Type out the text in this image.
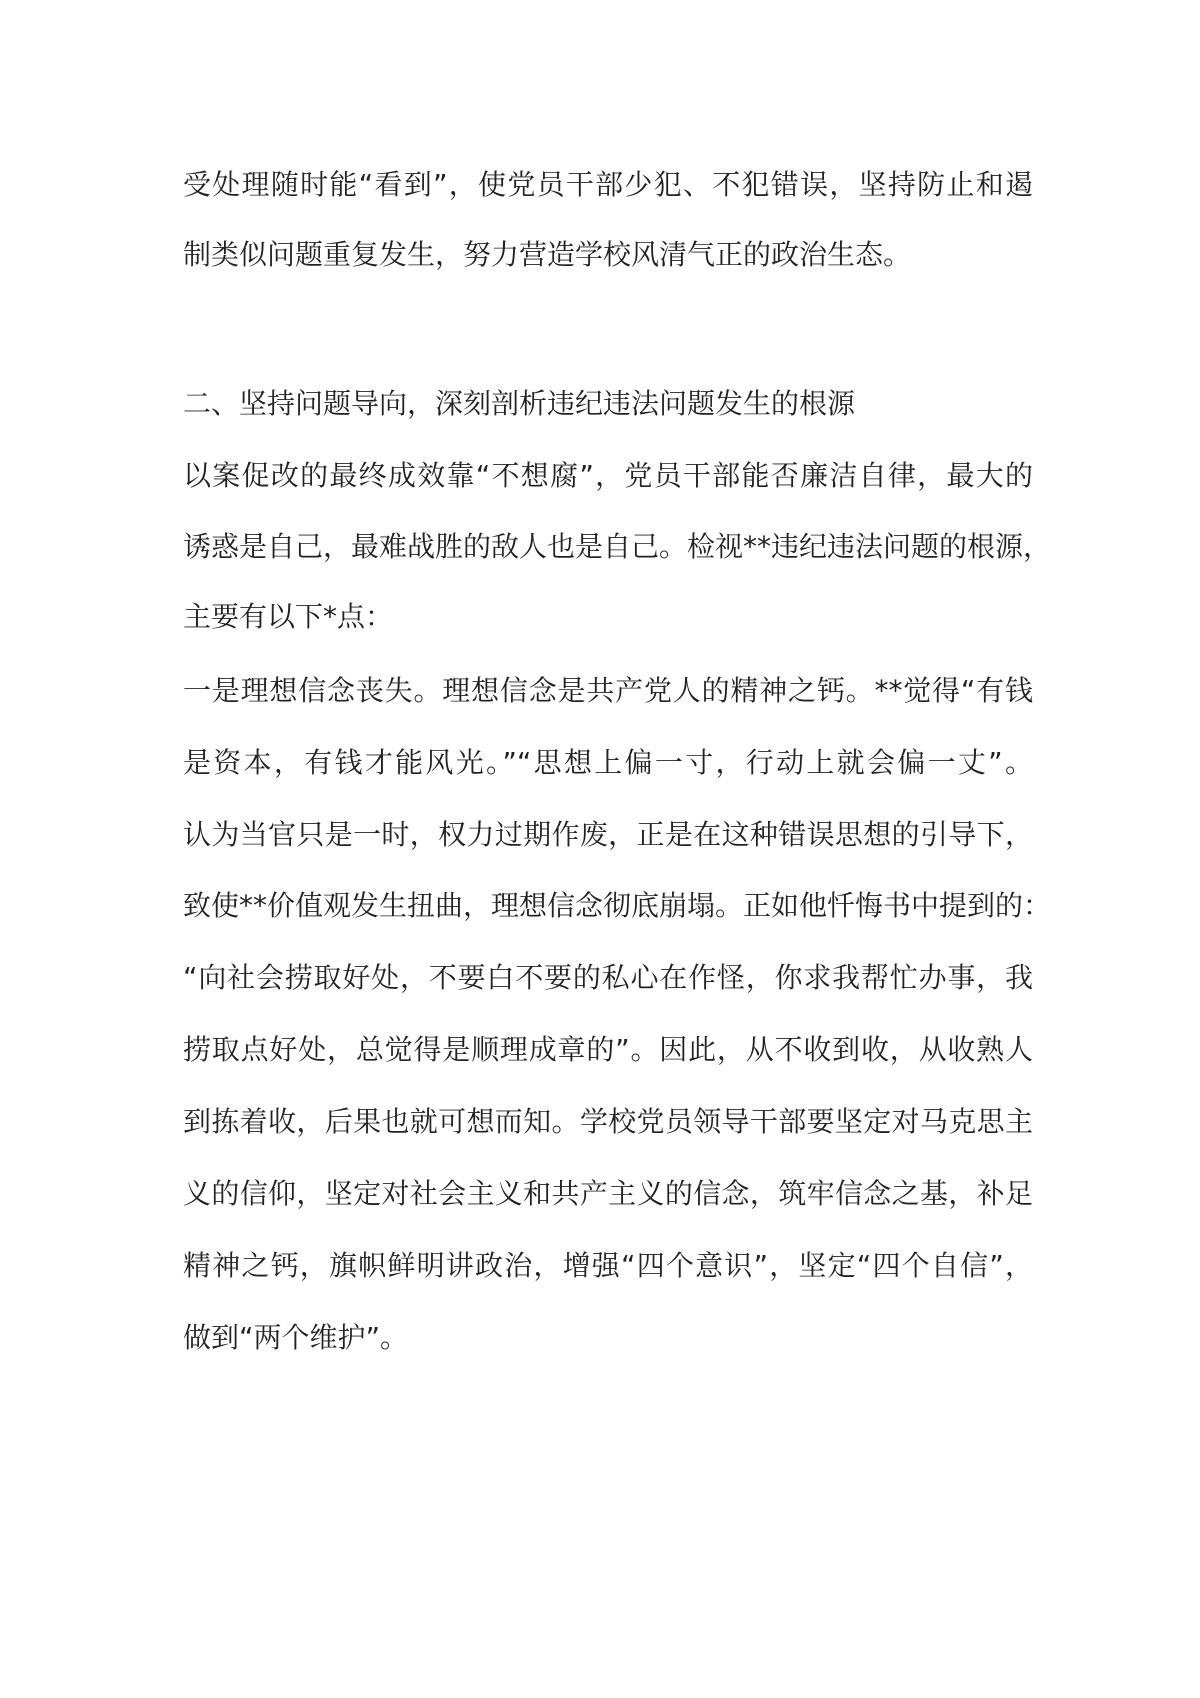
受处理随时能“看到”，使党员干部少犯、不犯错误，坚持防止和遏
制类似问题重复发生，努力营造学校风清气正的政治生态。
二、坚持问题导向，深刻剖析违纪违法问题发生的根源
以案促改的最终成效靠“不想腐”，党员干部能否廉洁自律，最大的
诱惑是自己，最难战胜的敌人也是自己。检视**违纪违法问题的根源，
主要有以下*点：
一是理想信念丧失。理想信念是共产党人的精神之钙。**觉得“有钱
是资本，有钱才能风光。”“思想上偏一寸，行动上就会偏一丈”。
认为当官只是一时，权力过期作废，正是在这种错误思想的引导下，
致使**价值观发生扭曲，理想信念彻底崩塌。正如他忏悔书中提到的：
“向社会捞取好处，不要白不要的私心在作怪，你求我帮忙办事，我
捞取点好处，总觉得是顺理成章的”。因此，从不收到收，从收熟人
到拣着收，后果也就可想而知。学校党员领导干部要坚定对马克思主
义的信仰，坚定对社会主义和共产主义的信念，筑牢信念之基，补足
精神之钙，旗帜鲜明讲政治，增强“四个意识”，坚定“四个自信”，
做到“两个维护”。
